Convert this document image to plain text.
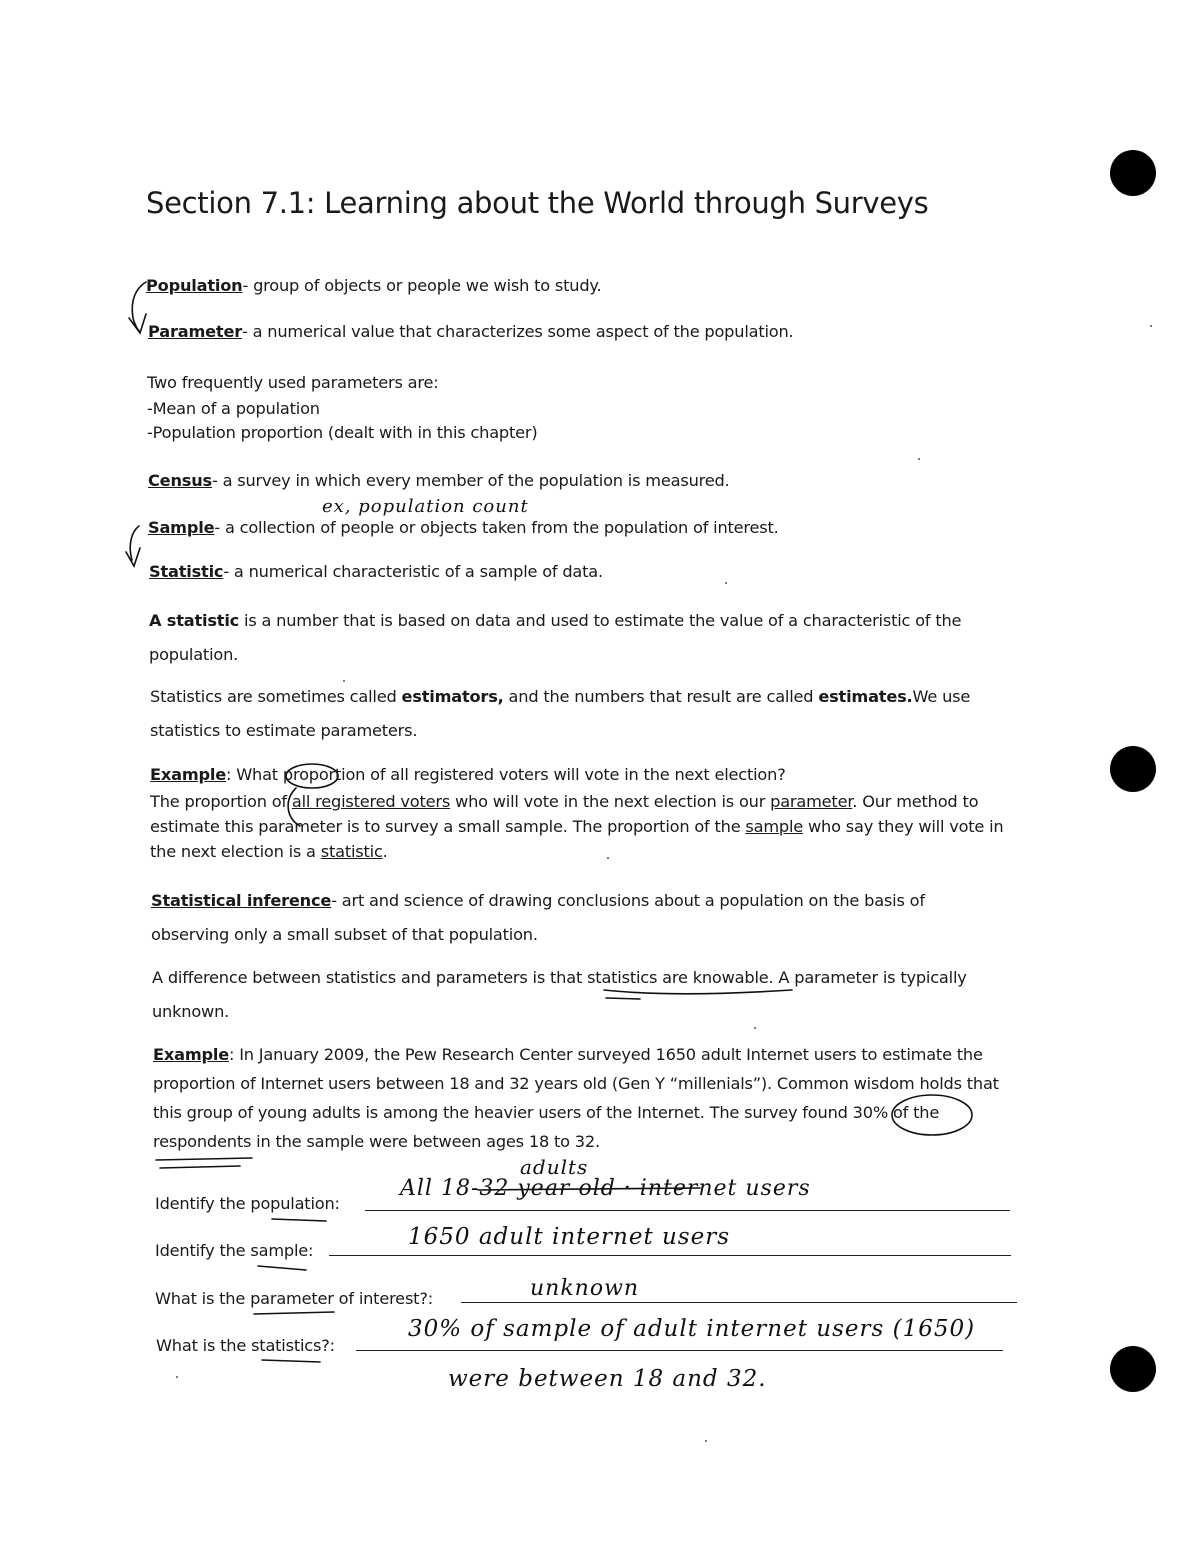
Section 7.1: Learning about the World through Surveys
Population- group of objects or people we wish to study.
Parameter- a numerical value that characterizes some aspect of the population.
Two frequently used parameters are:
-Mean of a population
-Population proportion (dealt with in this chapter)
Census- a survey in which every member of the population is measured.
ex, population count
Sample- a collection of people or objects taken from the population of interest.
Statistic- a numerical characteristic of a sample of data.
A statistic is a number that is based on data and used to estimate the value of a characteristic of the population.
Statistics are sometimes called estimators, and the numbers that result are called estimates.We use statistics to estimate parameters.
Example: What proportion of all registered voters will vote in the next election?
The proportion of all registered voters who will vote in the next election is our parameter. Our method to estimate this parameter is to survey a small sample. The proportion of the sample who say they will vote in the next election is a statistic.
Statistical inference- art and science of drawing conclusions about a population on the basis of observing only a small subset of that population.
A difference between statistics and parameters is that statistics are knowable. A parameter is typically unknown.
Example: In January 2009, the Pew Research Center surveyed 1650 adult Internet users to estimate the proportion of Internet users between 18 and 32 years old (Gen Y “millenials”). Common wisdom holds that this group of young adults is among the heavier users of the Internet. The survey found 30% of the respondents in the sample were between ages 18 to 32.
Identify the population:
adults
All 18-32 year old · internet users
Identify the sample:
1650 adult internet users
What is the parameter of interest?:	unknown
What is the statistics?:
30% of sample of adult internet users (1650)
were between 18 and 32.
